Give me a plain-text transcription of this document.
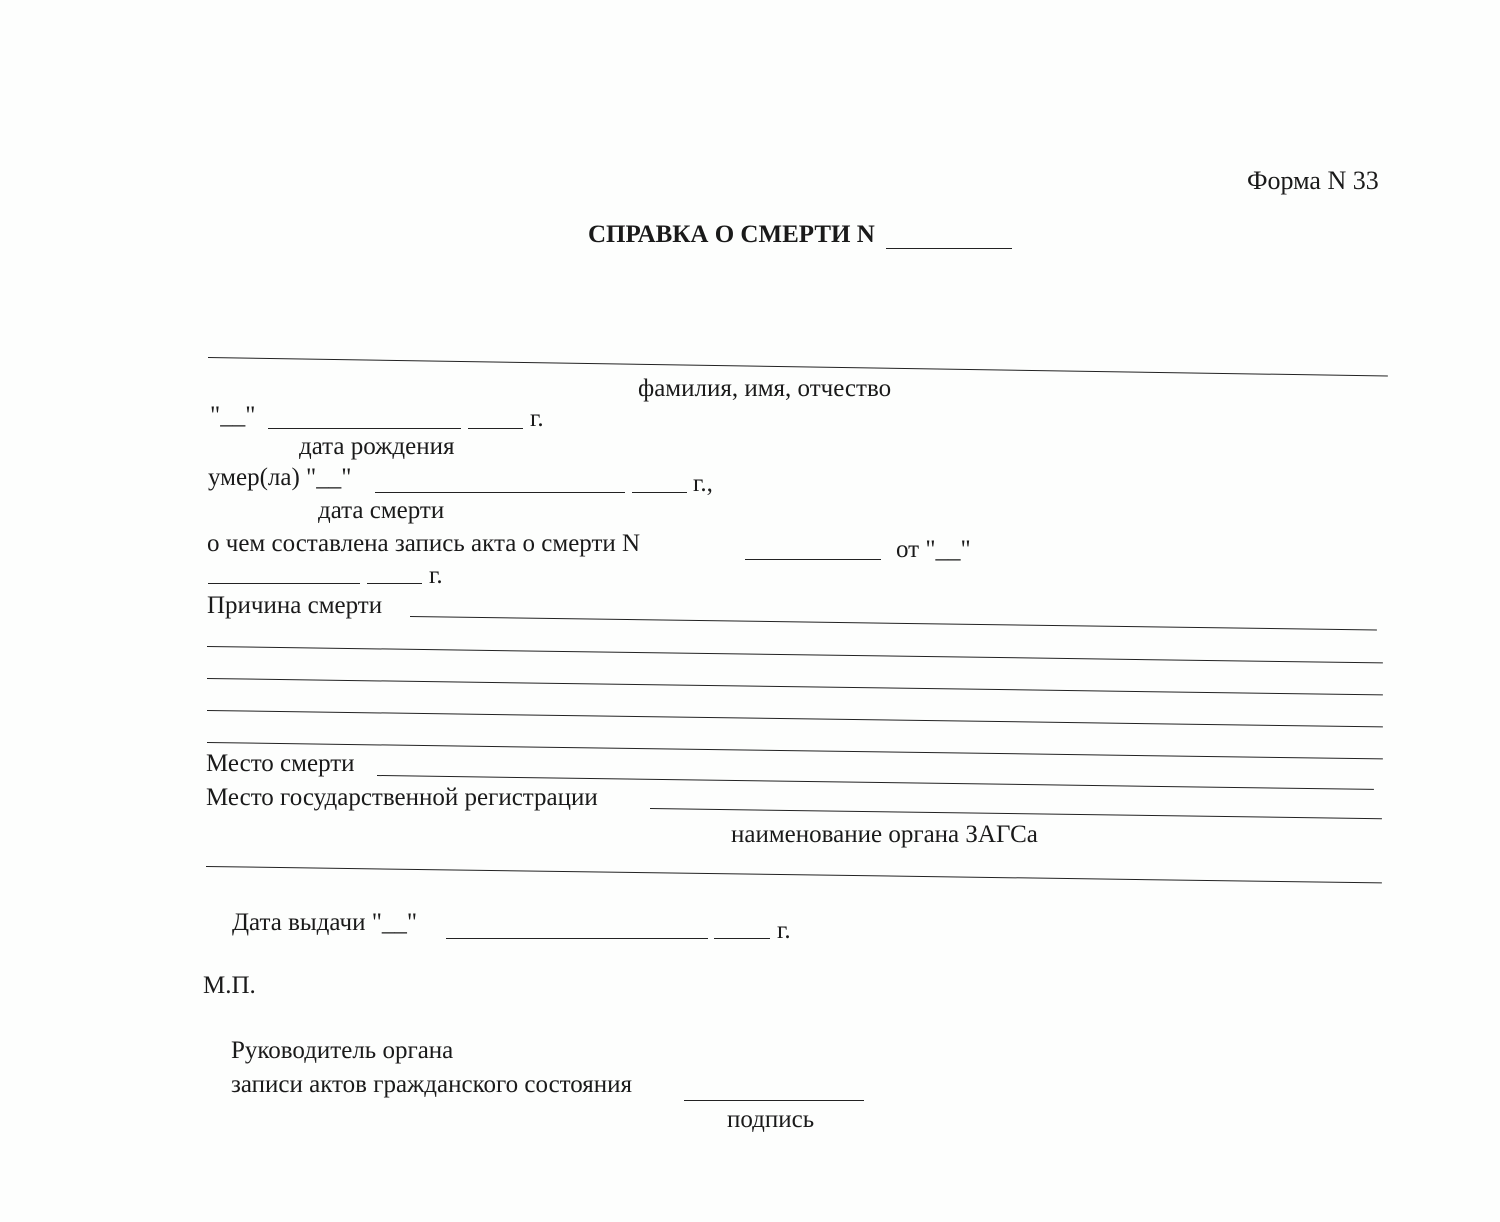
Форма N 33
СПРАВКА О СМЕРТИ N
фамилия, имя, отчество
"__"	г.
дата рождения
умер(ла) "__"	г.,
дата смерти
о чем составлена запись акта о смерти N	от "__"
г.
Причина смерти
Место смерти
Место государственной регистрации
наименование органа ЗАГСа
Дата выдачи "__"	г.
М.П.
Руководитель органа
записи актов гражданского состояния
подпись
